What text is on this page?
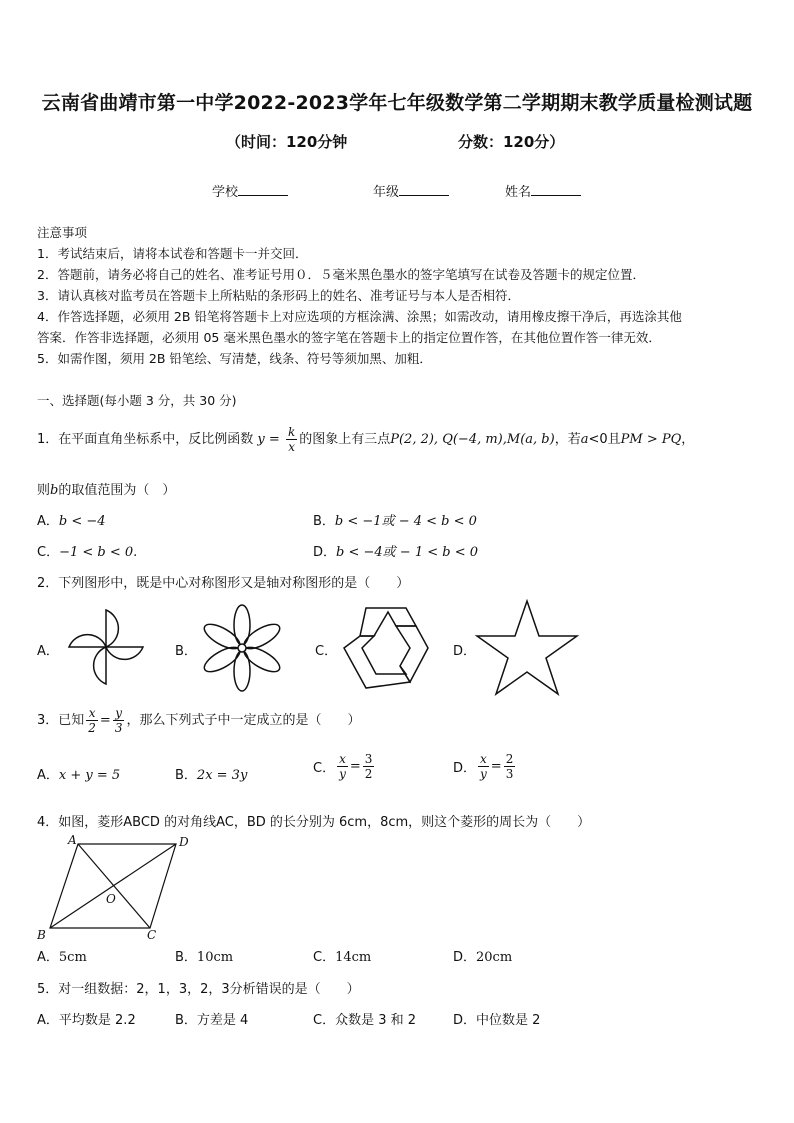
云南省曲靖市第一中学2022-2023学年七年级数学第二学期期末教学质量检测试题
（时间：120分钟	分数：120分）
学校	年级	姓名
注意事项
1．考试结束后，请将本试卷和答题卡一并交回．
2．答题前，请务必将自己的姓名、准考证号用０．５毫米黑色墨水的签字笔填写在试卷及答题卡的规定位置．
3．请认真核对监考员在答题卡上所粘贴的条形码上的姓名、准考证号与本人是否相符．
4．作答选择题，必须用 2B 铅笔将答题卡上对应选项的方框涂满、涂黑；如需改动，请用橡皮擦干净后，再选涂其他
答案．作答非选择题，必须用 05 毫米黑色墨水的签字笔在答题卡上的指定位置作答，在其他位置作答一律无效．
5．如需作图，须用 2B 铅笔绘、写清楚，线条、符号等须加黑、加粗．
一、选择题(每小题 3 分，共 30 分)
1．在平面直角坐标系中，反比例函数 $y = \frac{k}{x}$ 的图象上有三点P(2, 2), Q(−4, m),M(a, b)，若a<0且PM > PQ，
则b的取值范围为（　）
A．b < −4	B．b < −1或 − 4 < b < 0
C．−1 < b < 0.	D．b < −4或 − 1 < b < 0
2．下列图形中，既是中心对称图形又是轴对称图形的是（　　）
A．	B．	C．	D．
3．已知 $\frac{x}{2} = \frac{y}{3}$ ，那么下列式子中一定成立的是（　　）
A．x + y = 5	B．2x = 3y	C． $\frac{x}{y} = \frac{3}{2}$	D． $\frac{x}{y} = \frac{2}{3}$
4．如图，菱形ABCD 的对角线AC，BD 的长分别为 6cm，8cm，则这个菱形的周长为（　　）
A	D
B	C
O
A．5cm	B．10cm	C．14cm	D．20cm
5．对一组数据：2，1，3，2，3分析错误的是（　　）
A．平均数是 2.2	B．方差是 4	C．众数是 3 和 2	D．中位数是 2
